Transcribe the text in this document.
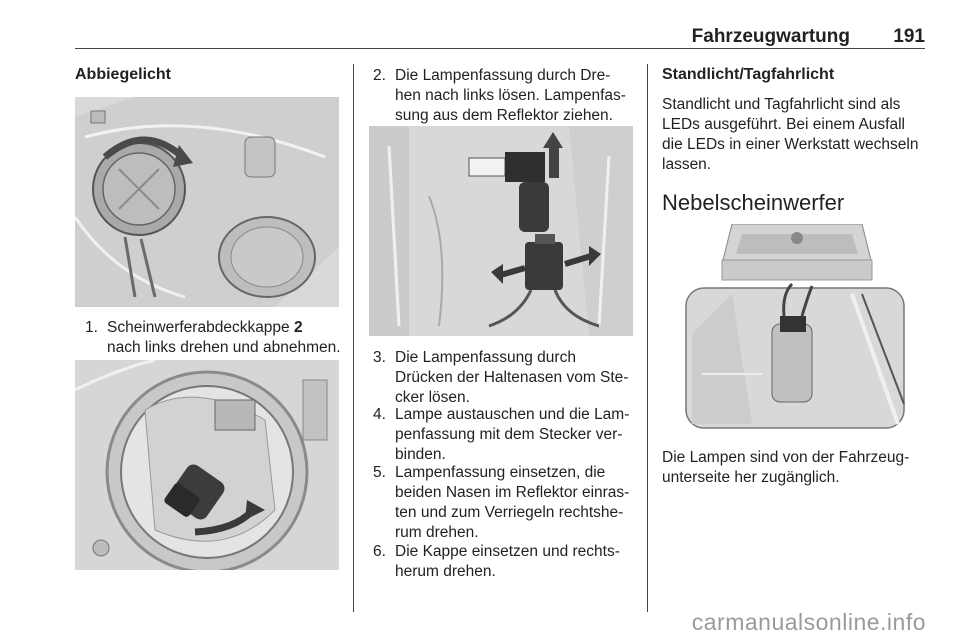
Fahrzeugwartung 191
Abbiegelicht
1. Scheinwerferabdeckkappe 2
nach links drehen und abnehmen.
2. Die Lampenfassung durch Dre-
hen nach links lösen. Lampenfas-
sung aus dem Reflektor ziehen.
3. Die Lampenfassung durch
Drücken der Haltenasen vom Ste-
cker lösen.
4. Lampe austauschen und die Lam-
penfassung mit dem Stecker ver-
binden.
5. Lampenfassung einsetzen, die
beiden Nasen im Reflektor einras-
ten und zum Verriegeln rechtshe-
rum drehen.
6. Die Kappe einsetzen und rechts-
herum drehen.
Standlicht/Tagfahrlicht
Standlicht und Tagfahrlicht sind als
LEDs ausgeführt. Bei einem Ausfall
die LEDs in einer Werkstatt wechseln
lassen.
Nebelscheinwerfer
Die Lampen sind von der Fahrzeug-
unterseite her zugänglich.
carmanualsonline.info
